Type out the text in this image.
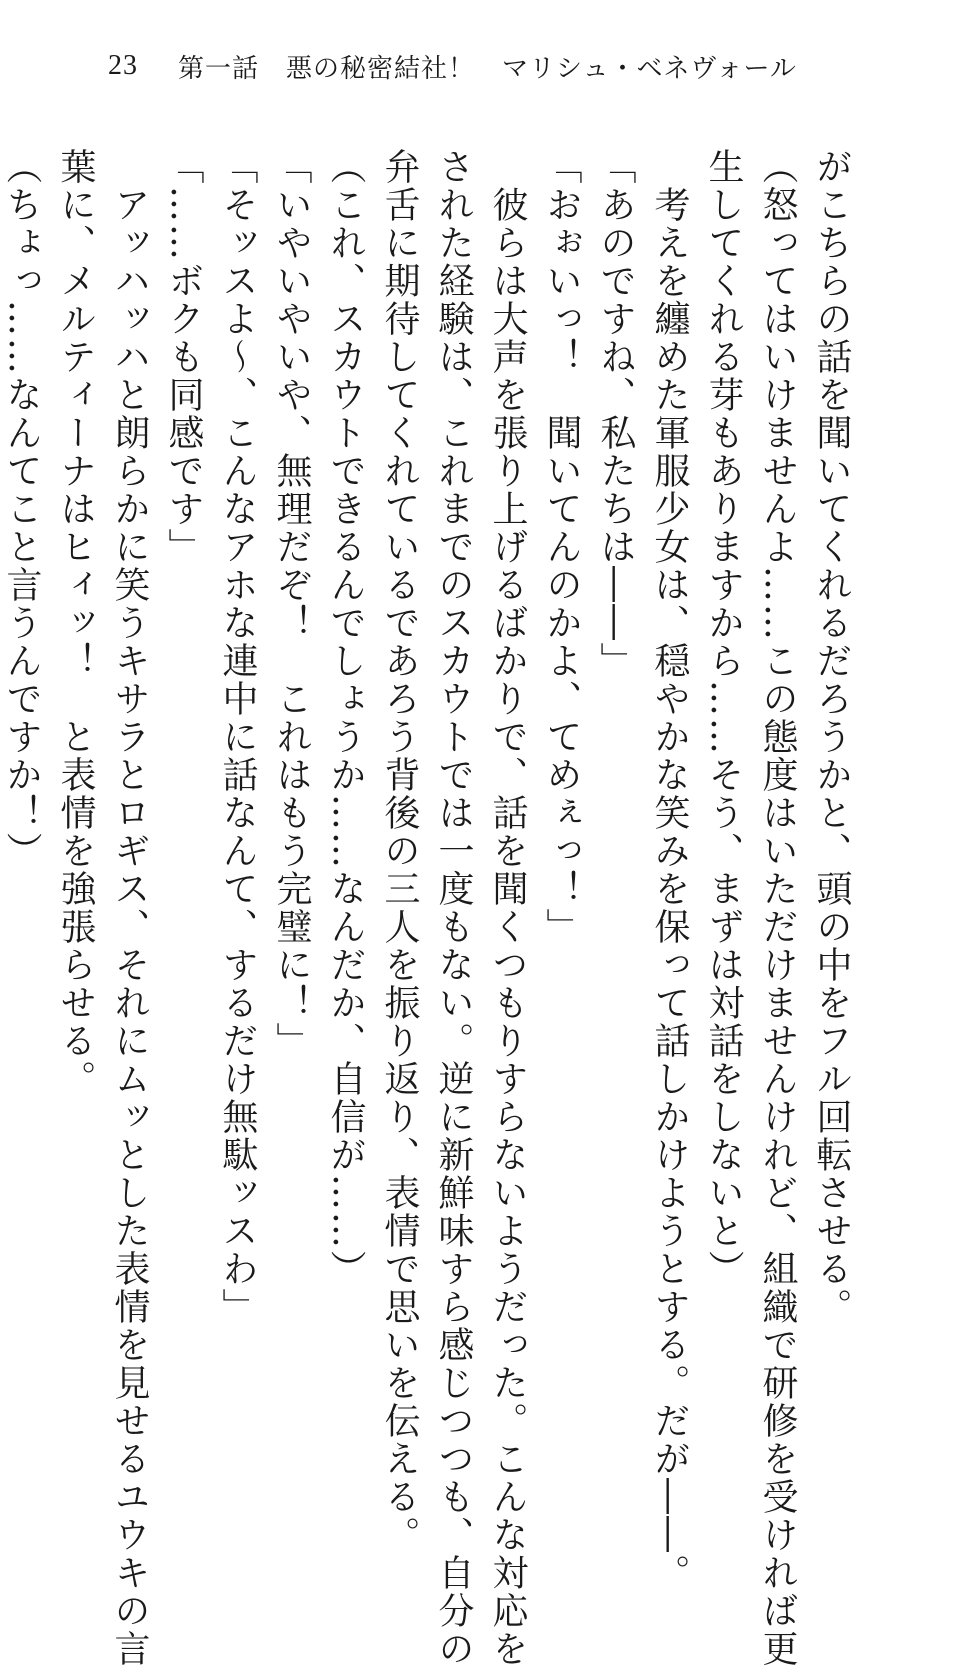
23 第一話　悪の秘密結社！　マリシュ・ベネヴォール
がこちらの話を聞いてくれるだろうかと、頭の中をフル回転させる。
（怒ってはいけませんよ……この態度はいただけませんけれど、組織で研修を受ければ更
生してくれる芽もありますから……そう、まずは対話をしないと）
　考えを纏めた軍服少女は、穏やかな笑みを保って話しかけようとする。だが――。
「あのですね、私たちは――」
「おぉいっ！　聞いてんのかよ、てめぇっ！」
　彼らは大声を張り上げるばかりで、話を聞くつもりすらないようだった。こんな対応を
された経験は、これまでのスカウトでは一度もない。逆に新鮮味すら感じつつも、自分の
弁舌に期待してくれているであろう背後の三人を振り返り、表情で思いを伝える。
（これ、スカウトできるんでしょうか……なんだか、自信が……）
「いやいやいや、無理だぞ！　これはもう完璧に！」
「そッスよ～、こんなアホな連中に話なんて、するだけ無駄ッスわ」
「……ボクも同感です」
　アッハッハと朗らかに笑うキサラとロギス、それにムッとした表情を見せるユウキの言
葉に、メルティーナはヒィッ！　と表情を強張らせる。
（ちょっ……なんてこと言うんですか！）
